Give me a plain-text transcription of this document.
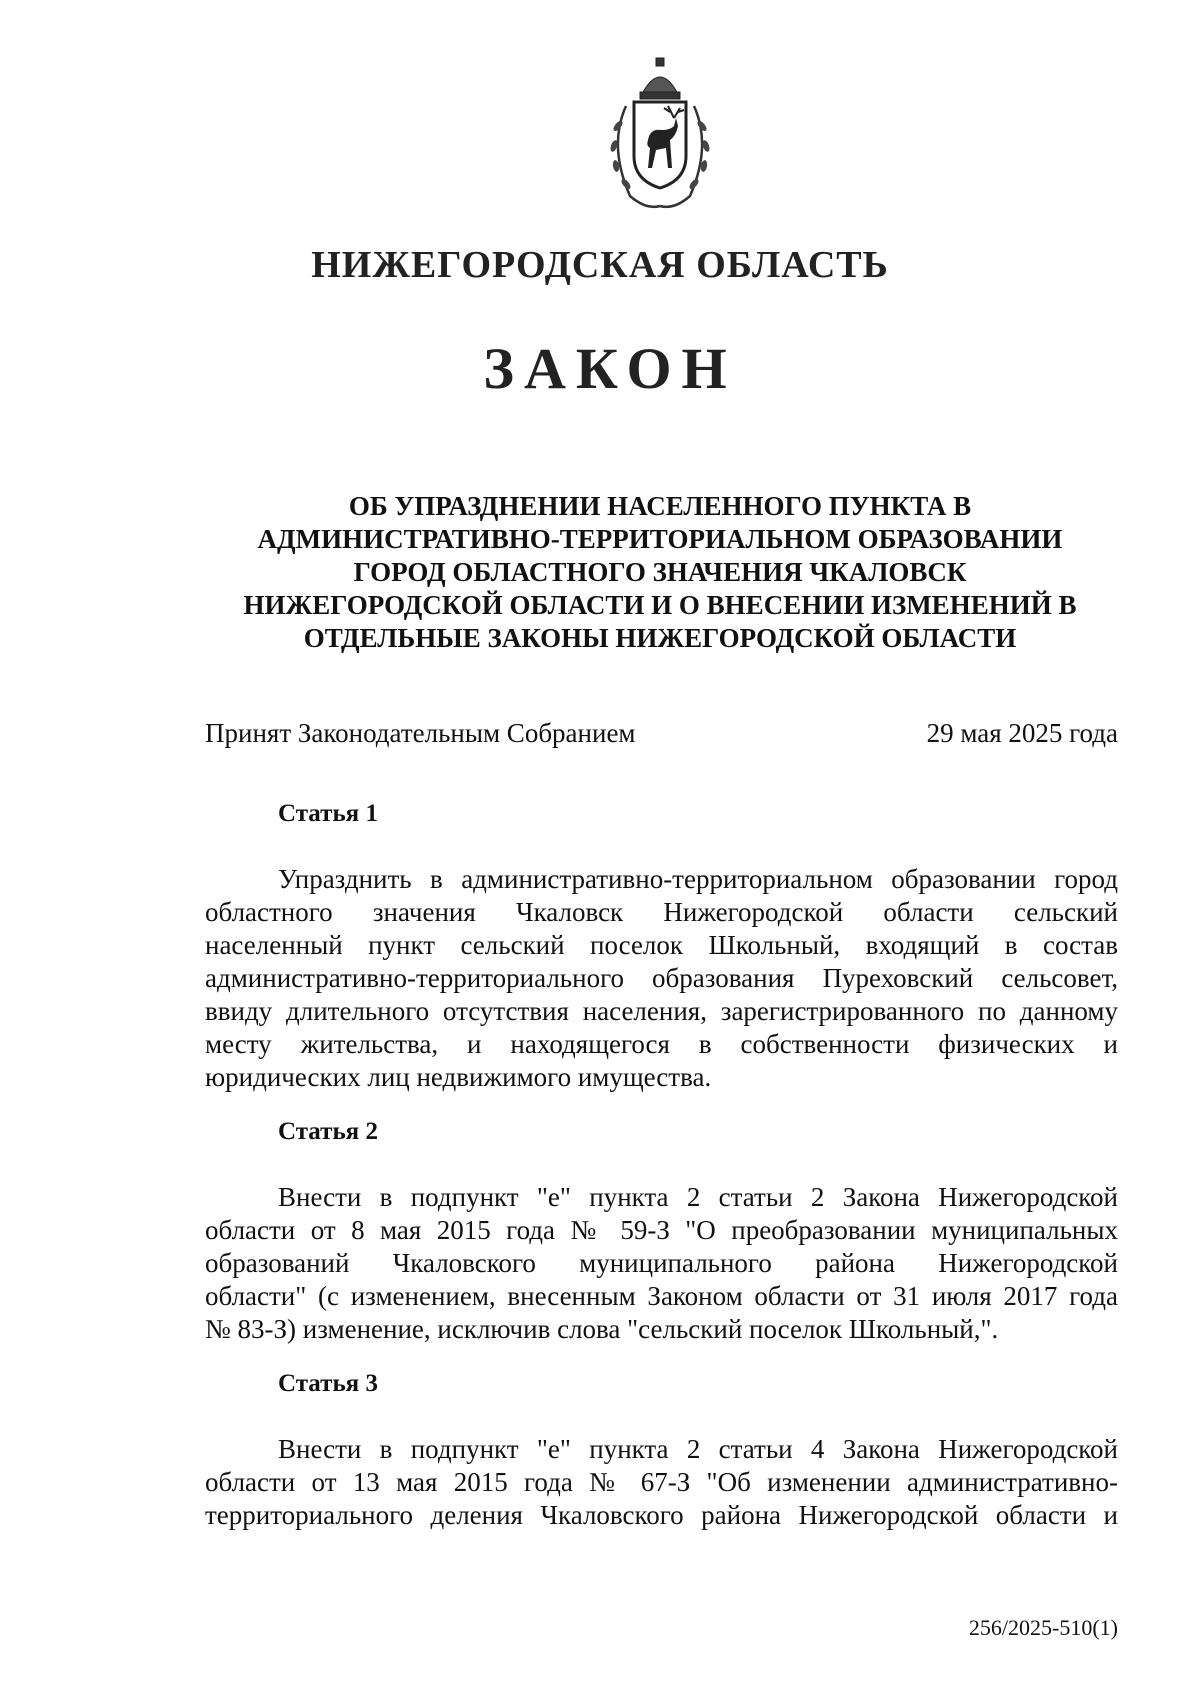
НИЖЕГОРОДСКАЯ ОБЛАСТЬ
ЗАКОН
ОБ УПРАЗДНЕНИИ НАСЕЛЕННОГО ПУНКТА В
АДМИНИСТРАТИВНО-ТЕРРИТОРИАЛЬНОМ ОБРАЗОВАНИИ
ГОРОД ОБЛАСТНОГО ЗНАЧЕНИЯ ЧКАЛОВСК
НИЖЕГОРОДСКОЙ ОБЛАСТИ И О ВНЕСЕНИИ ИЗМЕНЕНИЙ В
ОТДЕЛЬНЫЕ ЗАКОНЫ НИЖЕГОРОДСКОЙ ОБЛАСТИ
Принят Законодательным Собранием	29 мая 2025 года
Статья 1
Упразднить в административно-территориальном образовании город
областного значения Чкаловск Нижегородской области сельский
населенный пункт сельский поселок Школьный, входящий в состав
административно-территориального образования Пуреховский сельсовет,
ввиду длительного отсутствия населения, зарегистрированного по данному
месту жительства, и находящегося в собственности физических и
юридических лиц недвижимого имущества.
Статья 2
Внести в подпункт "е" пункта 2 статьи 2 Закона Нижегородской
области от 8 мая 2015 года № 59-З "О преобразовании муниципальных
образований Чкаловского муниципального района Нижегородской
области" (с изменением, внесенным Законом области от 31 июля 2017 года
№ 83-З) изменение, исключив слова "сельский поселок Школьный,".
Статья 3
Внести в подпункт "е" пункта 2 статьи 4 Закона Нижегородской
области от 13 мая 2015 года № 67-З "Об изменении административно-
территориального деления Чкаловского района Нижегородской области и
256/2025-510(1)
